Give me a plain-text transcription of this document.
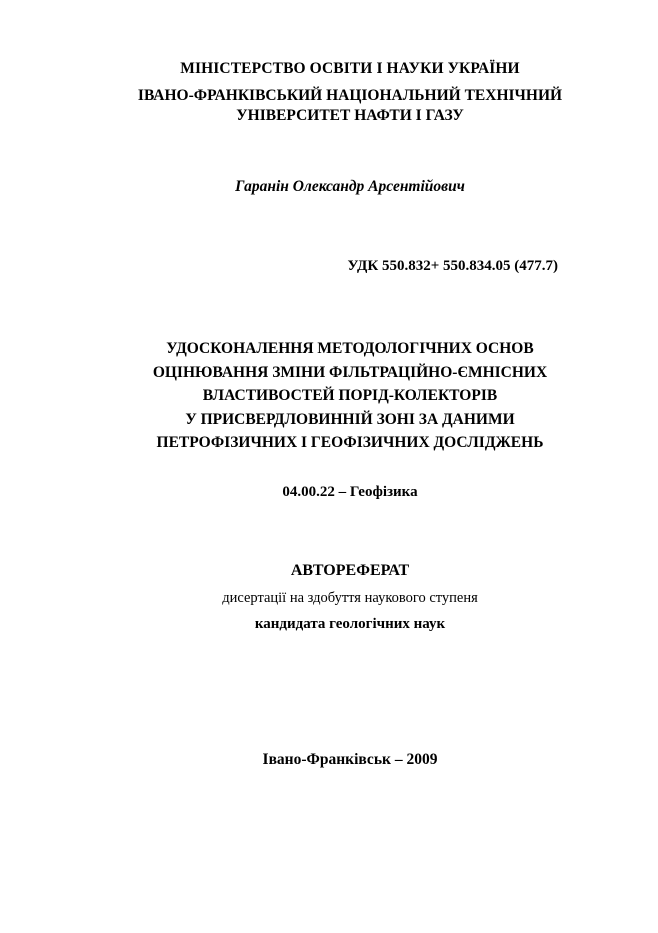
МІНІСТЕРСТВО ОСВІТИ І НАУКИ УКРАЇНИ
ІВАНО-ФРАНКІВСЬКИЙ НАЦІОНАЛЬНИЙ ТЕХНІЧНИЙ
УНІВЕРСИТЕТ НАФТИ І ГАЗУ
Гаранін Олександр Арсентійович
УДК 550.832+ 550.834.05 (477.7)
УДОСКОНАЛЕННЯ МЕТОДОЛОГІЧНИХ ОСНОВ
ОЦІНЮВАННЯ ЗМІНИ ФІЛЬТРАЦІЙНО-ЄМНІСНИХ
ВЛАСТИВОСТЕЙ ПОРІД-КОЛЕКТОРІВ
У ПРИСВЕРДЛОВИННІЙ ЗОНІ ЗА ДАНИМИ
ПЕТРОФІЗИЧНИХ І ГЕОФІЗИЧНИХ ДОСЛІДЖЕНЬ
04.00.22 – Геофізика
АВТОРЕФЕРАТ
дисертації на здобуття наукового ступеня
кандидата геологічних наук
Івано-Франківськ – 2009
